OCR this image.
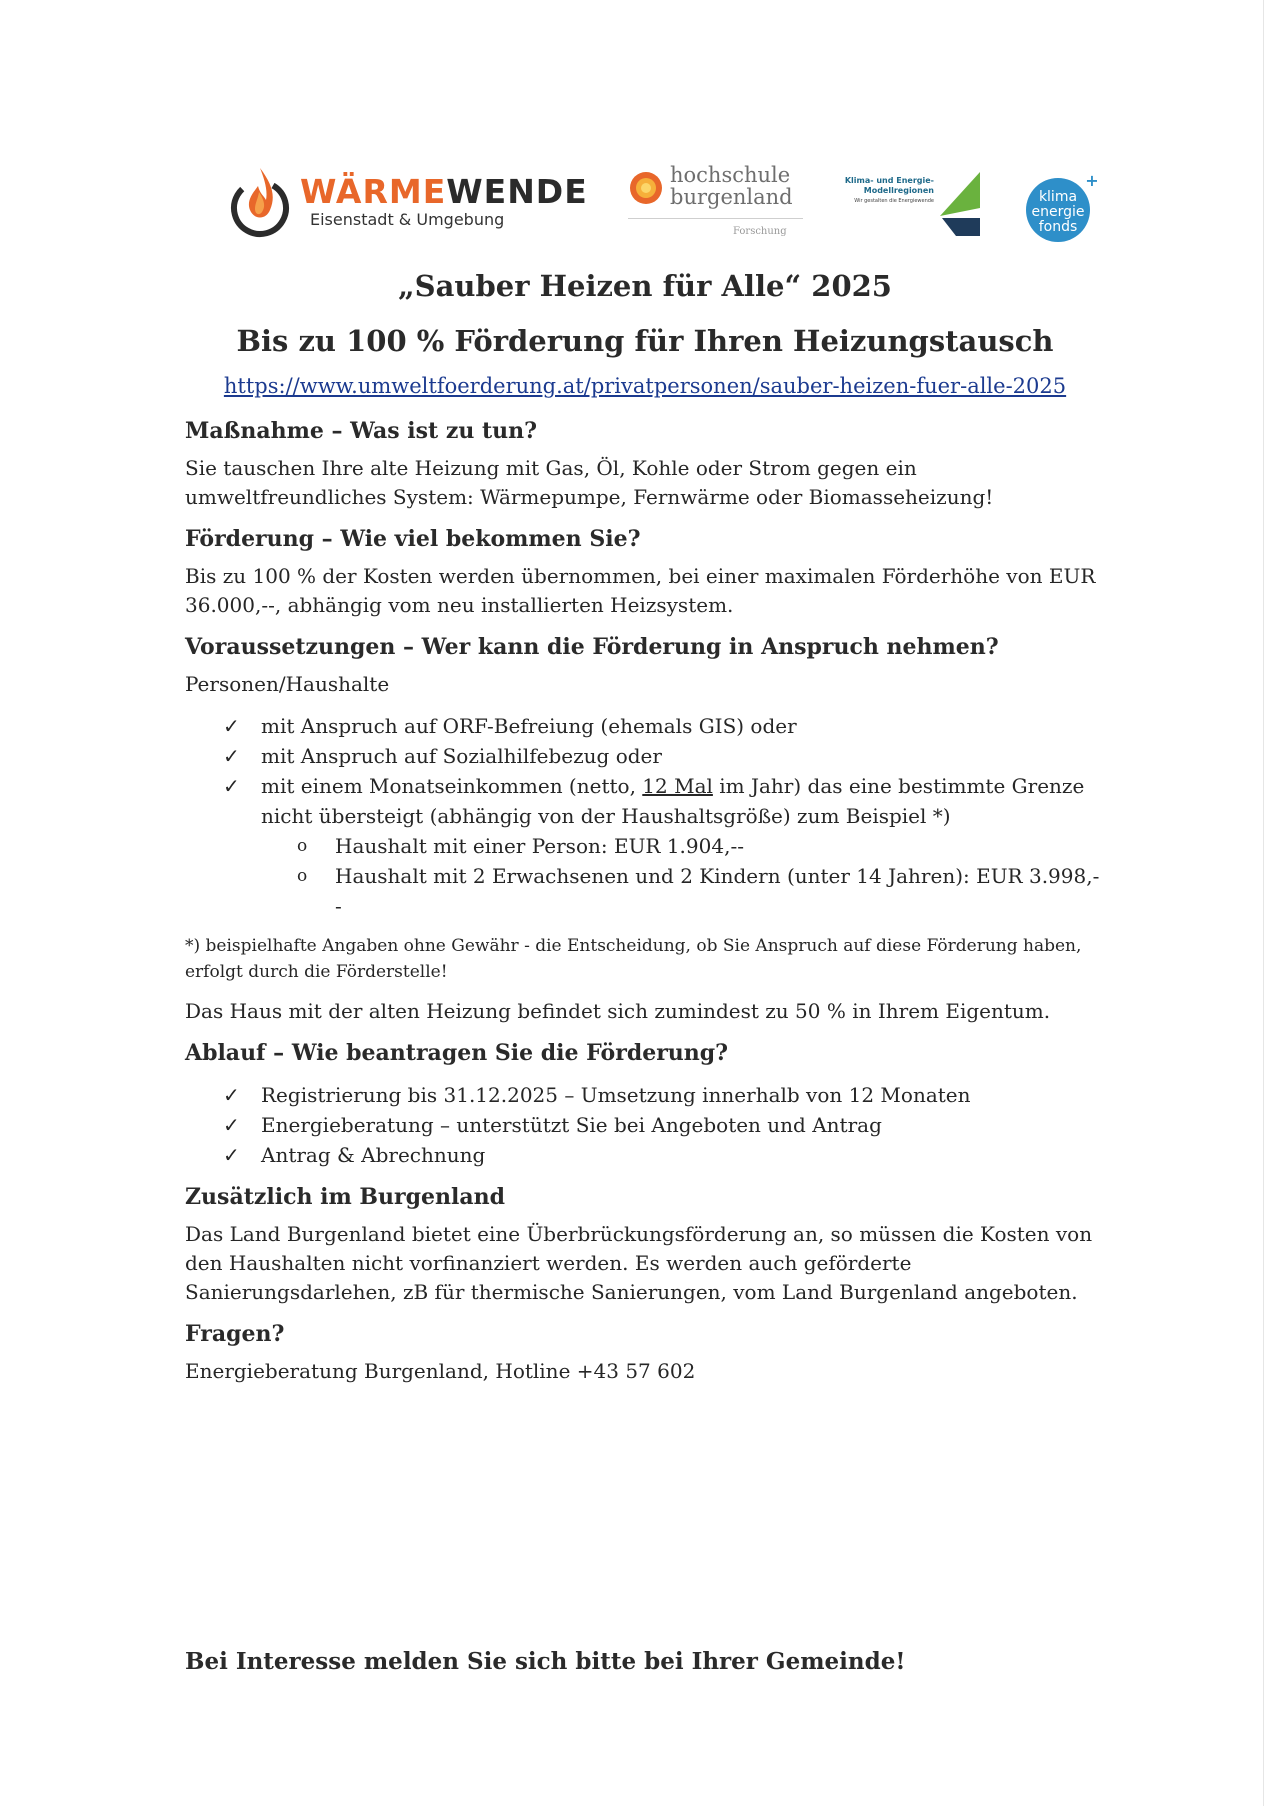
WÄRMEWENDE
Eisenstadt & Umgebung
hochschule
burgenland
Forschung
Klima- und Energie-
Modellregionen
Wir gestalten die Energiewende	klima
energie
fonds
+
„Sauber Heizen für Alle“ 2025
Bis zu 100 % Förderung für Ihren Heizungstausch
https://www.umweltfoerderung.at/privatpersonen/sauber-heizen-fuer-alle-2025
Maßnahme – Was ist zu tun?

Sie tauschen Ihre alte Heizung mit Gas, Öl, Kohle oder Strom gegen ein umweltfreundliches System: Wärmepumpe, Fernwärme oder Biomasseheizung!

Förderung – Wie viel bekommen Sie?

Bis zu 100 % der Kosten werden übernommen, bei einer maximalen Förderhöhe von EUR 36.000,--, abhängig vom neu installierten Heizsystem.

Voraussetzungen – Wer kann die Förderung in Anspruch nehmen?

Personen/Haushalte

✓ mit Anspruch auf ORF-Befreiung (ehemals GIS) oder
✓ mit Anspruch auf Sozialhilfebezug oder
✓ mit einem Monatseinkommen (netto, 12 Mal im Jahr) das eine bestimmte Grenze nicht übersteigt (abhängig von der Haushaltsgröße) zum Beispiel *)
o Haushalt mit einer Person: EUR 1.904,--
o Haushalt mit 2 Erwachsenen und 2 Kindern (unter 14 Jahren): EUR 3.998,--

*) beispielhafte Angaben ohne Gewähr - die Entscheidung, ob Sie Anspruch auf diese Förderung haben, erfolgt durch die Förderstelle!

Das Haus mit der alten Heizung befindet sich zumindest zu 50 % in Ihrem Eigentum.

Ablauf – Wie beantragen Sie die Förderung?
✓ Registrierung bis 31.12.2025 – Umsetzung innerhalb von 12 Monaten
✓ Energieberatung – unterstützt Sie bei Angeboten und Antrag
✓ Antrag & Abrechnung
Zusätzlich im Burgenland

Das Land Burgenland bietet eine Überbrückungsförderung an, so müssen die Kosten von den Haushalten nicht vorfinanziert werden. Es werden auch geförderte Sanierungsdarlehen, zB für thermische Sanierungen, vom Land Burgenland angeboten.

Fragen?

Energieberatung Burgenland, Hotline +43 57 602

Bei Interesse melden Sie sich bitte bei Ihrer Gemeinde!
